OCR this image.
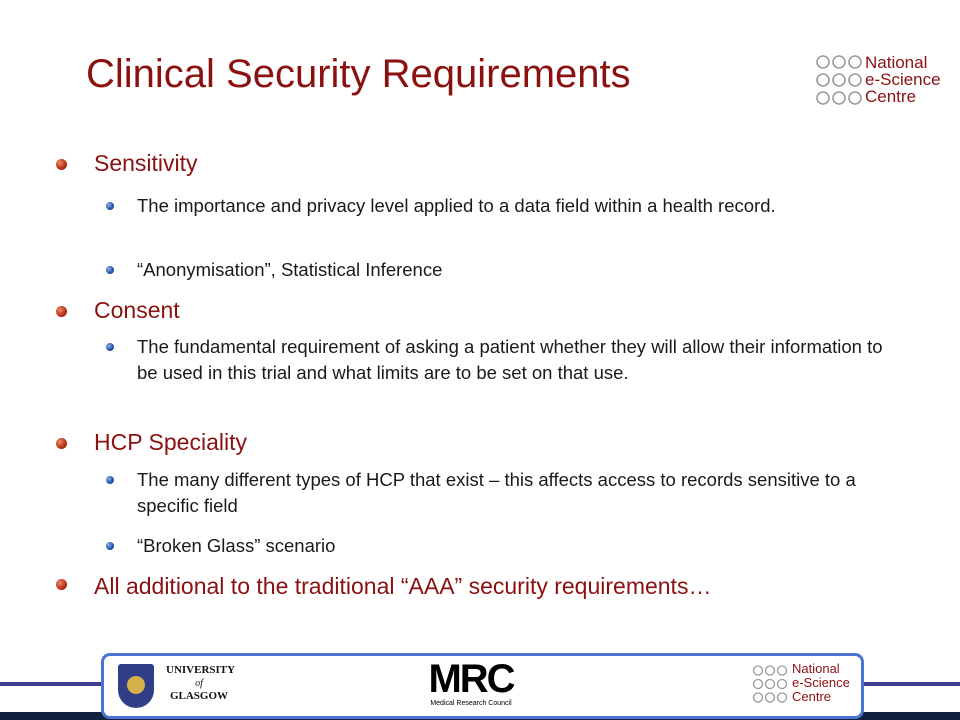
Clinical Security Requirements	National
e-Science
Centre
Sensitivity
The importance and privacy level applied to a data field within a health record.
“Anonymisation”, Statistical Inference
Consent
The fundamental requirement of asking a patient whether they will allow their information to be used in this trial and what limits are to be set on that use.
HCP Speciality
The many different types of HCP that exist – this affects access to records sensitive to a specific field
“Broken Glass” scenario
All additional to the traditional “AAA” security requirements…
UNIVERSITY
of
GLASGOW	MRC
Medical Research Council
National
e-Science
Centre
